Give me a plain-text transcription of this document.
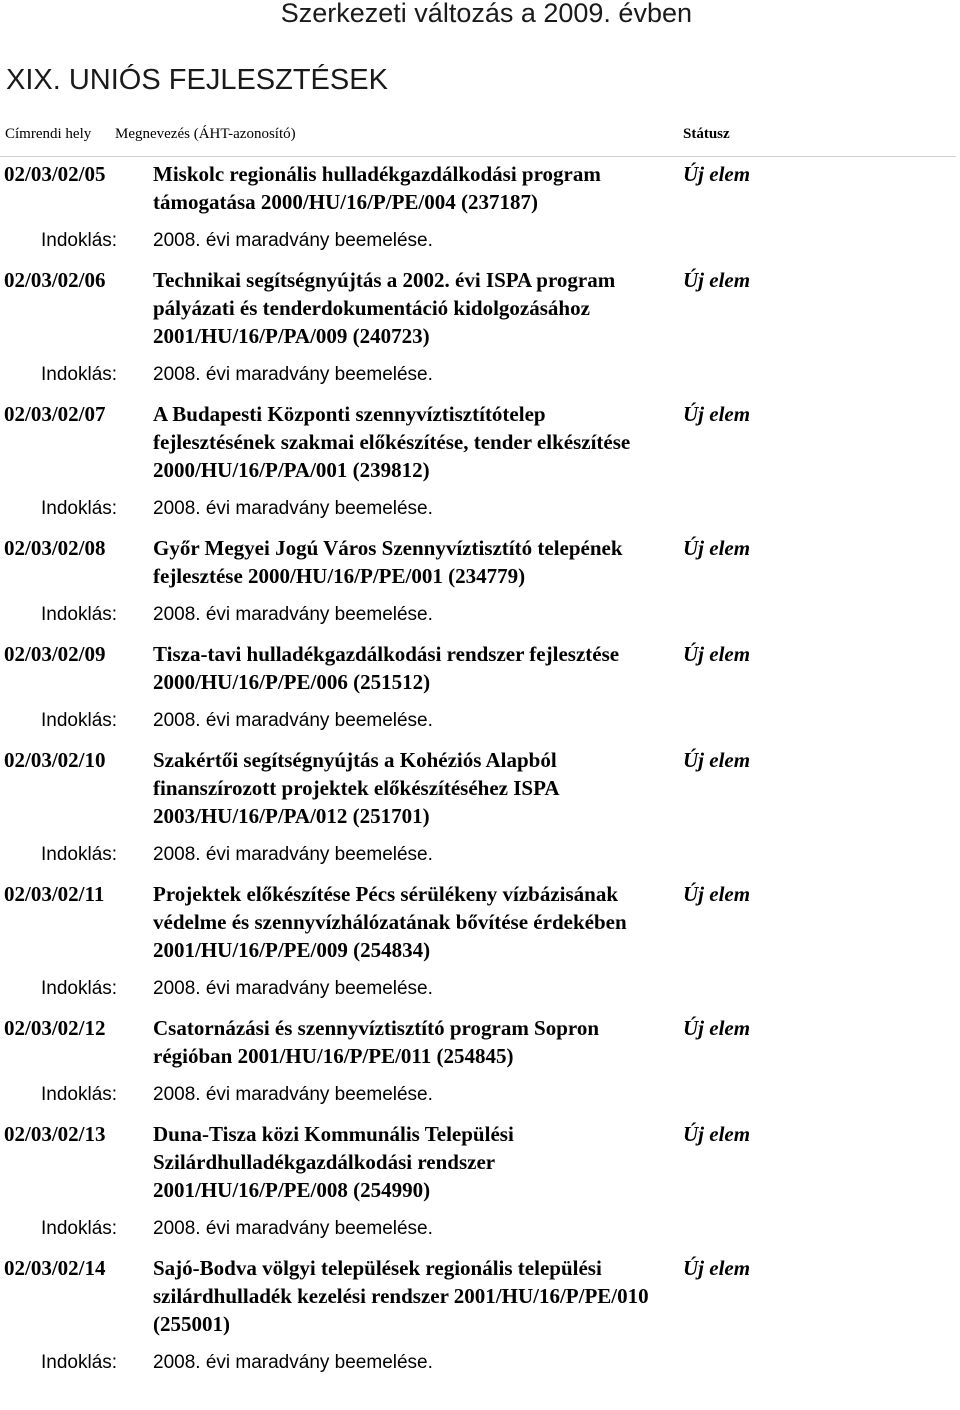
Szerkezeti változás a 2009. évben
XIX. UNIÓS FEJLESZTÉSEK
Címrendi hely Megnevezés (ÁHT-azonosító)	Státusz
02/03/02/05 Miskolc regionális hulladékgazdálkodási program támogatása 2000/HU/16/P/PE/004 (237187)
Új elem
Indoklás: 2008. évi maradvány beemelése.
02/03/02/06 Technikai segítségnyújtás a 2002. évi ISPA program pályázati és tenderdokumentáció kidolgozásához 2001/HU/16/P/PA/009 (240723)
Új elem
Indoklás: 2008. évi maradvány beemelése.
02/03/02/07 A Budapesti Központi szennyvíztisztítótelep fejlesztésének szakmai előkészítése, tender elkészítése 2000/HU/16/P/PA/001 (239812)
Új elem
Indoklás: 2008. évi maradvány beemelése.
02/03/02/08 Győr Megyei Jogú Város Szennyvíztisztító telepének fejlesztése 2000/HU/16/P/PE/001 (234779)
Új elem
Indoklás: 2008. évi maradvány beemelése.
02/03/02/09 Tisza-tavi hulladékgazdálkodási rendszer fejlesztése 2000/HU/16/P/PE/006 (251512)
Új elem
Indoklás: 2008. évi maradvány beemelése.
02/03/02/10 Szakértői segítségnyújtás a Kohéziós Alapból finanszírozott projektek előkészítéséhez ISPA 2003/HU/16/P/PA/012 (251701)
Új elem
Indoklás: 2008. évi maradvány beemelése.
02/03/02/11 Projektek előkészítése Pécs sérülékeny vízbázisának védelme és szennyvízhálózatának bővítése érdekében 2001/HU/16/P/PE/009 (254834)
Új elem
Indoklás: 2008. évi maradvány beemelése.
02/03/02/12 Csatornázási és szennyvíztisztító program Sopron régióban 2001/HU/16/P/PE/011 (254845)
Új elem
Indoklás: 2008. évi maradvány beemelése.
02/03/02/13 Duna-Tisza közi Kommunális Települési Szilárdhulladékgazdálkodási rendszer 2001/HU/16/P/PE/008 (254990)
Új elem
Indoklás: 2008. évi maradvány beemelése.
02/03/02/14 Sajó-Bodva völgyi települések regionális települési szilárdhulladék kezelési rendszer 2001/HU/16/P/PE/010 (255001)
Új elem
Indoklás: 2008. évi maradvány beemelése.
